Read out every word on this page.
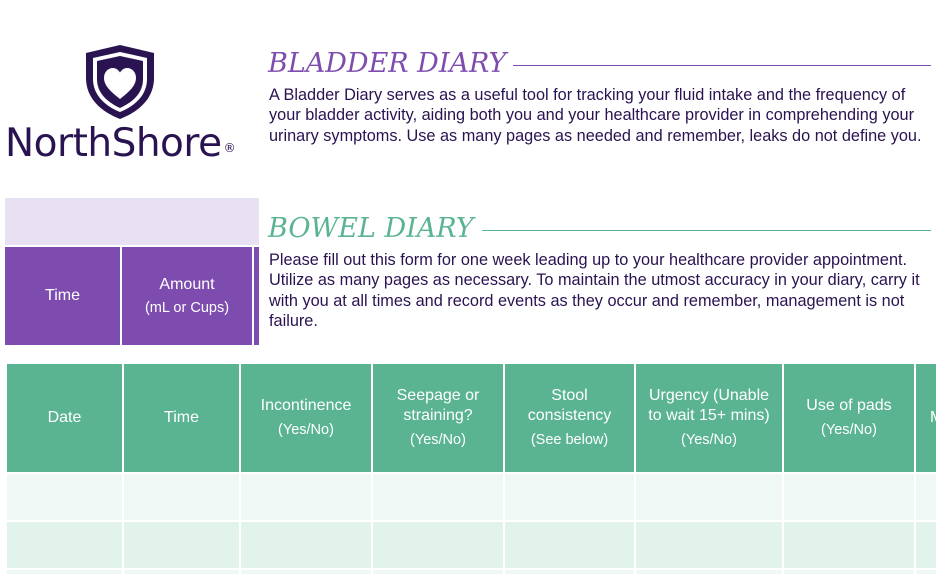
NorthShore ®
BLADDER DIARY
A Bladder Diary serves as a useful tool for tracking your fluid intake and the frequency of your bladder activity, aiding both you and your healthcare provider in comprehending your urinary symptoms. Use as many pages as needed and remember, leaks do not define you.
Time
Amount
(mL or Cups)
BOWEL DIARY
Please fill out this form for one week leading up to your healthcare provider appointment. Utilize as many pages as necessary. To maintain the utmost accuracy in your diary, carry it with you at all times and record events as they occur and remember, management is not failure.
Date	Time
Incontinence
(Yes/No)
Seepage or straining?
(Yes/No)
Stool consistency
(See below)
Urgency (Unable to wait 15+ mins)
(Yes/No)
Use of pads
(Yes/No)
M
